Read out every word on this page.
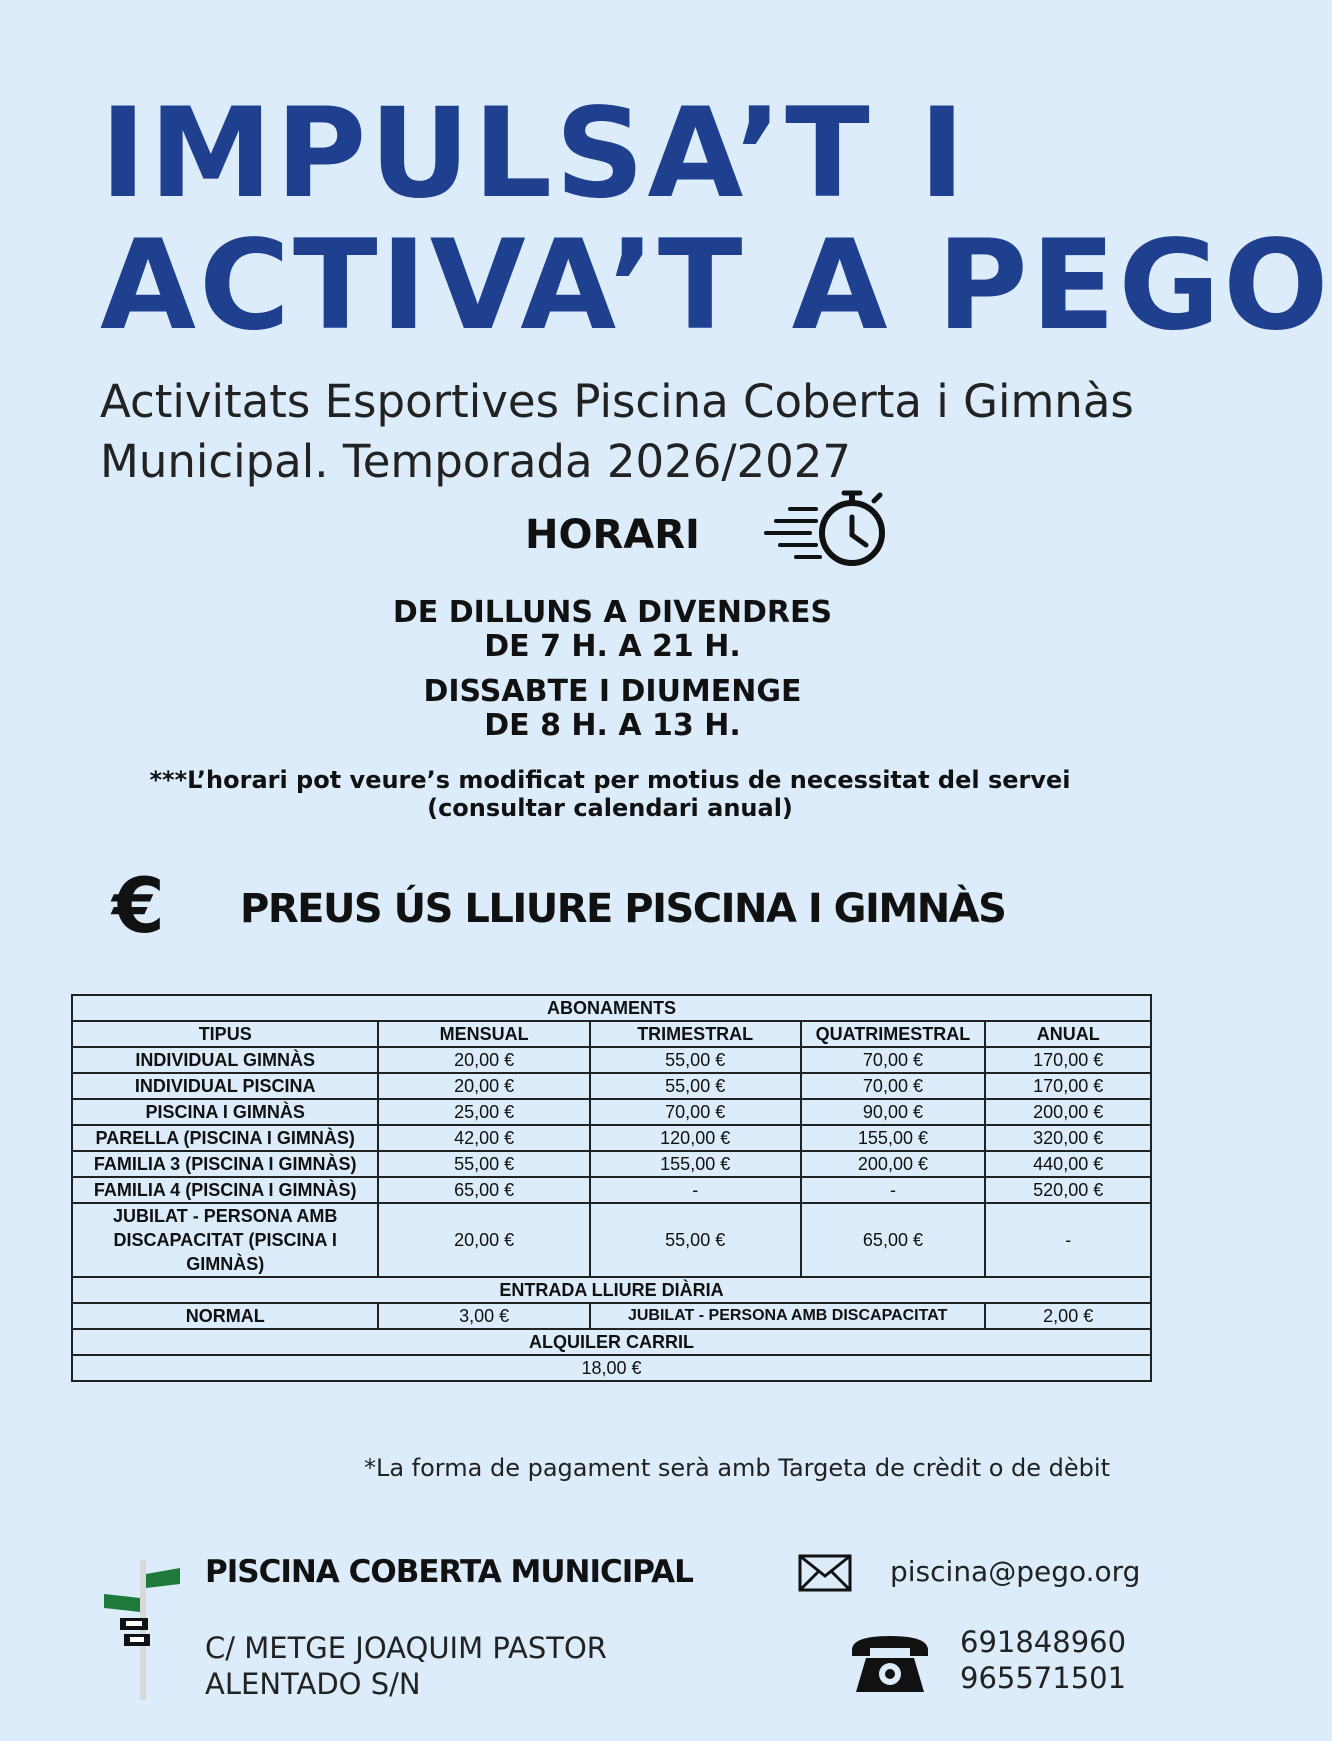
IMPULSA’T I
ACTIVA’T A PEGO
Activitats Esportives Piscina Coberta i Gimnàs
Municipal. Temporada 2026/2027
HORARI
DE DILLUNS A DIVENDRES
DE 7 H. A 21 H.
DISSABTE I DIUMENGE
DE 8 H. A 13 H.
***L’horari pot veure’s modificat per motius de necessitat del servei
(consultar calendari anual)
€ PREUS ÚS LLIURE PISCINA I GIMNÀS
ABONAMENTS				
TIPUS	MENSUAL	TRIMESTRAL	QUATRIMESTRAL	ANUAL
INDIVIDUAL GIMNÀS	20,00 €	55,00 €	70,00 €	170,00 €
INDIVIDUAL PISCINA	20,00 €	55,00 €	70,00 €	170,00 €
PISCINA I GIMNÀS	25,00 €	70,00 €	90,00 €	200,00 €
PARELLA (PISCINA I GIMNÀS)	42,00 €	120,00 €	155,00 €	320,00 €
FAMILIA 3 (PISCINA I GIMNÀS)	55,00 €	155,00 €	200,00 €	440,00 €
FAMILIA 4 (PISCINA I GIMNÀS)	65,00 €	-	-	520,00 €
JUBILAT - PERSONA AMB DISCAPACITAT (PISCINA I GIMNÀS)	20,00 €	55,00 €	65,00 €	-
ENTRADA LLIURE DIÀRIA				
NORMAL	3,00 €	JUBILAT - PERSONA AMB DISCAPACITAT		2,00 €
ALQUILER CARRIL				
18,00 €				
*La forma de pagament serà amb Targeta de crèdit o de dèbit
PISCINA COBERTA MUNICIPAL
C/ METGE JOAQUIM PASTOR
ALENTADO S/N
piscina@pego.org
691848960
965571501
